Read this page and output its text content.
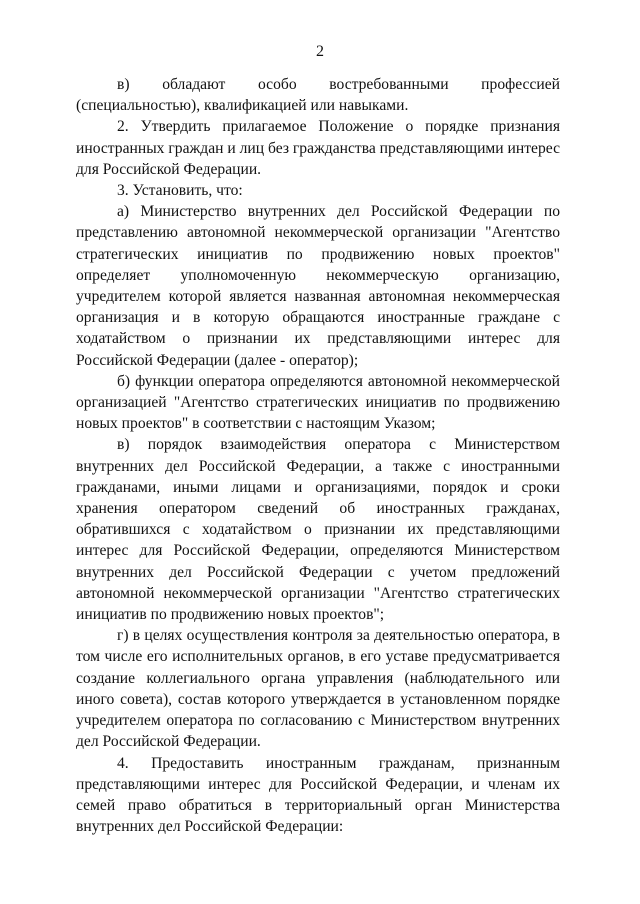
2

в) обладают особо востребованными профессией (специальностью), квалификацией или навыками.

2. Утвердить прилагаемое Положение о порядке признания иностранных граждан и лиц без гражданства представляющими интерес для Российской Федерации.

3. Установить, что:

а) Министерство внутренних дел Российской Федерации по представлению автономной некоммерческой организации "Агентство стратегических инициатив по продвижению новых проектов" определяет уполномоченную некоммерческую организацию, учредителем которой является названная автономная некоммерческая организация и в которую обращаются иностранные граждане с ходатайством о признании их представляющими интерес для Российской Федерации (далее - оператор);

б) функции оператора определяются автономной некоммерческой организацией "Агентство стратегических инициатив по продвижению новых проектов" в соответствии с настоящим Указом;

в) порядок взаимодействия оператора с Министерством внутренних дел Российской Федерации, а также с иностранными гражданами, иными лицами и организациями, порядок и сроки хранения оператором сведений об иностранных гражданах, обратившихся с ходатайством о признании их представляющими интерес для Российской Федерации, определяются Министерством внутренних дел Российской Федерации с учетом предложений автономной некоммерческой организации "Агентство стратегических инициатив по продвижению новых проектов";

г) в целях осуществления контроля за деятельностью оператора, в том числе его исполнительных органов, в его уставе предусматривается создание коллегиального органа управления (наблюдательного или иного совета), состав которого утверждается в установленном порядке учредителем оператора по согласованию с Министерством внутренних дел Российской Федерации.

4. Предоставить иностранным гражданам, признанным представляющими интерес для Российской Федерации, и членам их семей право обратиться в территориальный орган Министерства внутренних дел Российской Федерации:
